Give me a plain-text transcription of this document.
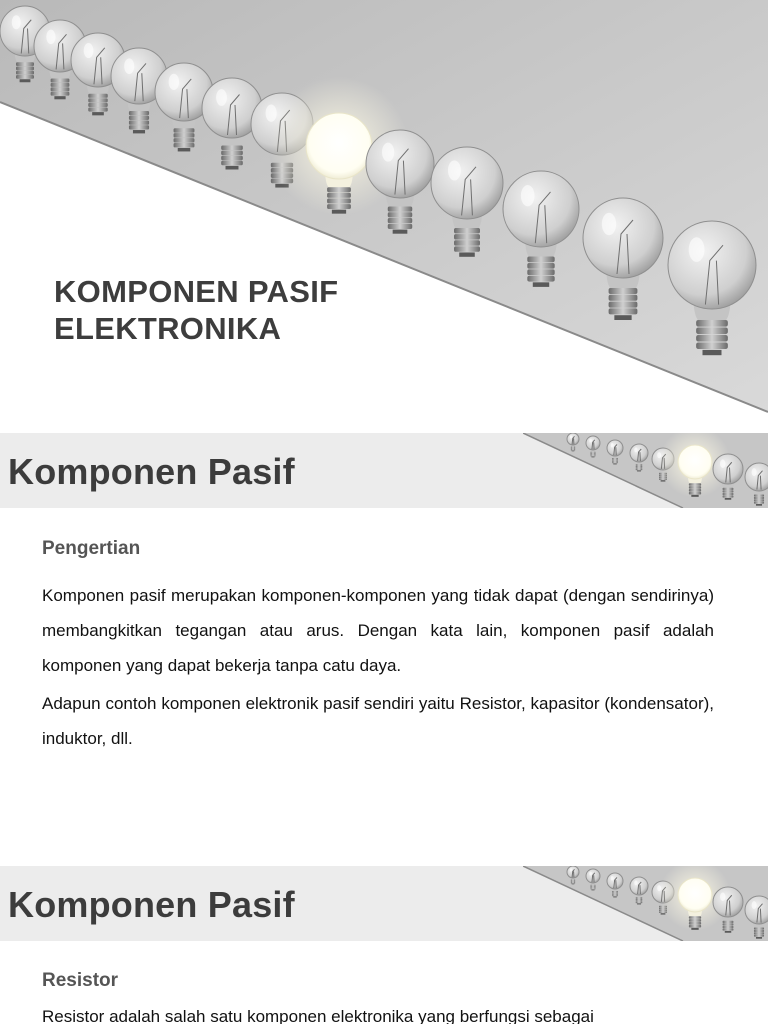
KOMPONEN PASIF
ELEKTRONIKA
Komponen Pasif
Pengertian
Komponen pasif merupakan komponen-komponen yang tidak dapat (dengan sendirinya) membangkitkan tegangan atau arus. Dengan kata lain, komponen pasif adalah komponen yang dapat bekerja tanpa catu daya.
Adapun contoh komponen elektronik pasif sendiri yaitu Resistor, kapasitor (kondensator), induktor, dll.
Komponen Pasif
Resistor
Resistor adalah salah satu komponen elektronika yang berfungsi sebagai
